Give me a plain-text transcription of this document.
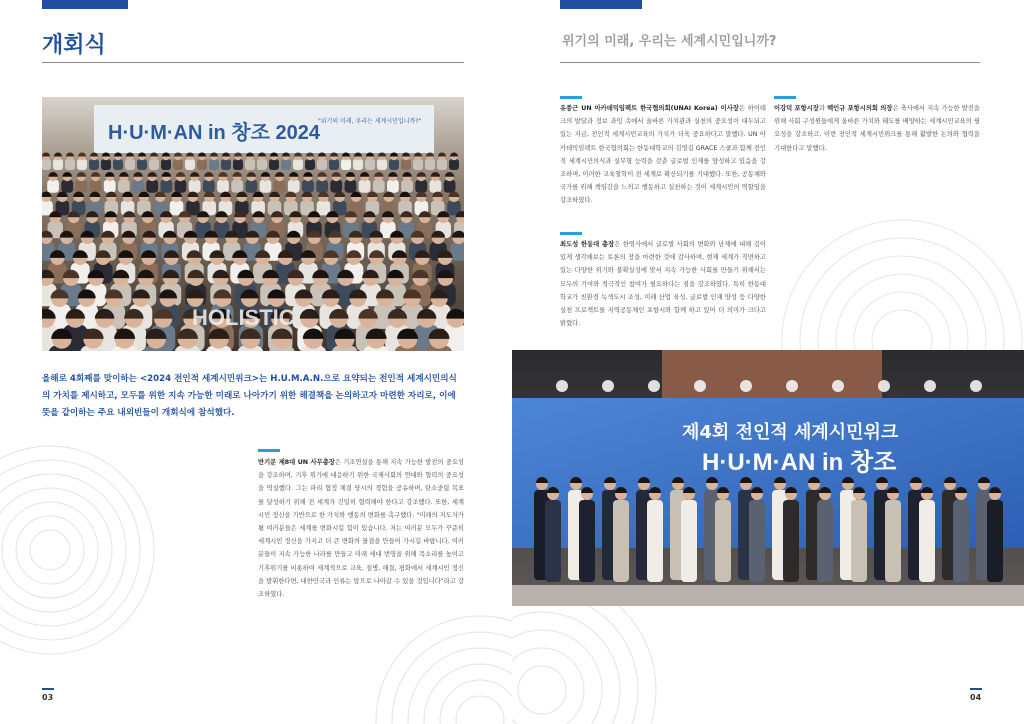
개회식
H·U·M·AN in 창조 2024
"위기의 미래, 우리는 세계시민입니까?"
HOLISTIC

올해로 4회째를 맞이하는 <2024 전인적 세계시민위크>는 H.U.M.A.N.으로 요약되는 전인적 세계시민의식의 가치를 제시하고, 모두를 위한 지속 가능한 미래로 나아가기 위한 해결책을 논의하고자 마련한 자리로, 이에 뜻을 같이하는 주요 내외빈들이 개회식에 참석했다.

반기문 제8대 UN 사무총장은 기조연설을 통해 지속 가능한 발전의 중요성을 강조하며, 기후 위기에 대응하기 위한 국제사회의 연대와 협력의 중요성을 역설했다. 그는 파리 협정 체결 당시의 경험을 공유하며, 탄소중립 목표를 달성하기 위해 전 세계가 긴밀히 협력해야 한다고 강조했다. 또한, 세계시민 정신을 기반으로 한 가치와 행동의 변화를 촉구했다. "미래의 지도자가 될 여러분들은 세계를 변화시킬 힘이 있습니다. 저는 여러분 모두가 꾸준히 세계시민 정신을 가지고 더 큰 변화의 물결을 만들어 가시길 바랍니다. 여러분들이 지속 가능한 나라를 만들고 미래 세대 번영을 위해 목소리를 높이고 기후위기를 비롯하여 세계적으로 교육, 질병, 해결, 평화에서 세계시민 정신을 발휘한다면, 대한민국과 인류는 앞으로 나아갈 수 있을 것입니다"라고 강조하였다.

03
위기의 미래, 우리는 세계시민입니까?

유종근 UN 아카데믹임팩트 한국협의회(UNAI Korea) 이사장은 하이테크의 발달과 정보 과잉 속에서 올바른 가치관과 실천의 중요성이 대두되고 있는 지금, 전인적 세계시민교육의 가치가 더욱 중요하다고 말했다. UN 아카데믹임팩트 한국협의회는 한동대학교의 김영길 GRACE 스쿨과 함께 전인적 세계시민의식과 실무형 능력을 갖춘 글로벌 인재를 양성하고 있음을 강조하며, 이러한 교육철학이 전 세계로 확산되기를 기대했다. 또한, 공동체와 국가를 위해 책임감을 느끼고 행동하고 실천하는 것이 세계시민의 역할임을 강조하였다.

최도성 한동대 총장은 한영사에서 글로벌 사회의 변화와 난제에 대해 깊이 있게 생각해보는 토론의 장을 마련한 것에 감사하며, 현재 세계가 직면하고 있는 다양한 위기와 불확실성에 맞서 지속 가능한 사회를 만들기 위해서는 모두의 기여와 적극적인 참여가 필요하다는 점을 강조하였다. 특히 한동대학교가 친환경 녹색도시 조성, 미래 산업 육성, 글로벌 인재 양성 등 다양한 실천 프로젝트를 지역공동체인 포항시와 함께 하고 있어 더 의미가 크다고 밝혔다.

이강덕 포항시장과 백인규 포항시의회 의장은 축사에서 지속 가능한 발전을 위해 사회 구성원들에게 올바른 가치와 태도를 배양하는 세계시민교육의 필요성을 강조하고, 이번 전인적 세계시민위크를 통해 활발한 논의와 협력을 기대한다고 말했다.

제4회 전인적 세계시민위크
H·U·M·AN in 창조
04
